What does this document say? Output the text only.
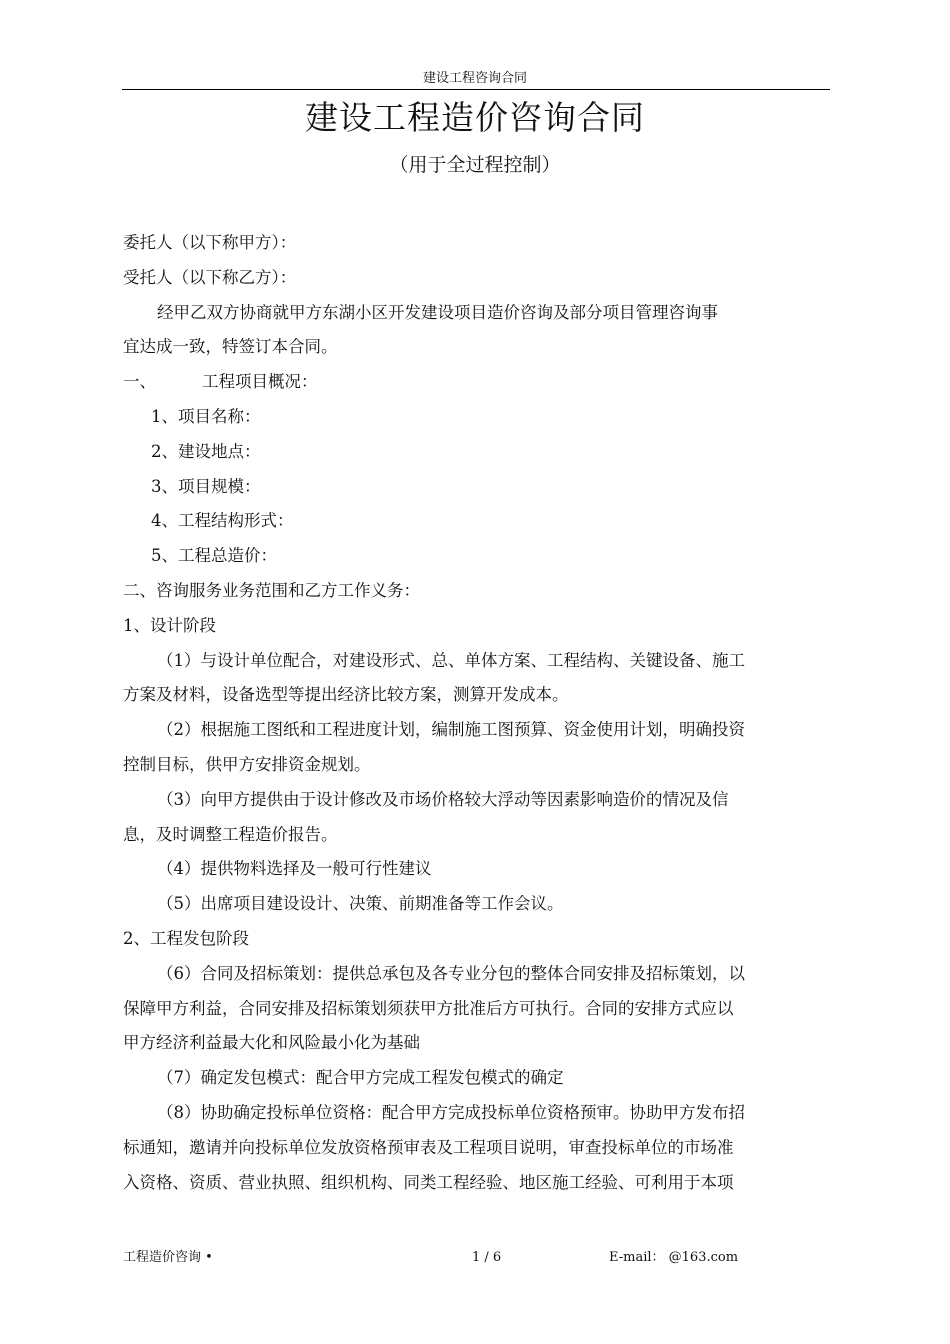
建设工程咨询合同
建设工程造价咨询合同
（用于全过程控制）

委托人（以下称甲方）：

受托人（以下称乙方）：

经甲乙双方协商就甲方东湖小区开发建设项目造价咨询及部分项目管理咨询事

宜达成一致，特签订本合同。

一、	工程项目概况：

1、项目名称：

2、建设地点：

3、项目规模：

4、工程结构形式：

5、工程总造价：

二、咨询服务业务范围和乙方工作义务：

1、设计阶段

（1）与设计单位配合，对建设形式、总、单体方案、工程结构、关键设备、施工

方案及材料，设备选型等提出经济比较方案，测算开发成本。

（2）根据施工图纸和工程进度计划，编制施工图预算、资金使用计划，明确投资

控制目标，供甲方安排资金规划。

（3）向甲方提供由于设计修改及市场价格较大浮动等因素影响造价的情况及信

息，及时调整工程造价报告。

（4）提供物料选择及一般可行性建议

（5）出席项目建设设计、决策、前期准备等工作会议。

2、工程发包阶段

（6）合同及招标策划：提供总承包及各专业分包的整体合同安排及招标策划，以

保障甲方利益，合同安排及招标策划须获甲方批准后方可执行。合同的安排方式应以

甲方经济利益最大化和风险最小化为基础

（7）确定发包模式：配合甲方完成工程发包模式的确定

（8）协助确定投标单位资格：配合甲方完成投标单位资格预审。协助甲方发布招

标通知，邀请并向投标单位发放资格预审表及工程项目说明，审查投标单位的市场准

入资格、资质、营业执照、组织机构、同类工程经验、地区施工经验、可利用于本项

工程造价咨询 •	1 / 6	E-mail： @163.com
